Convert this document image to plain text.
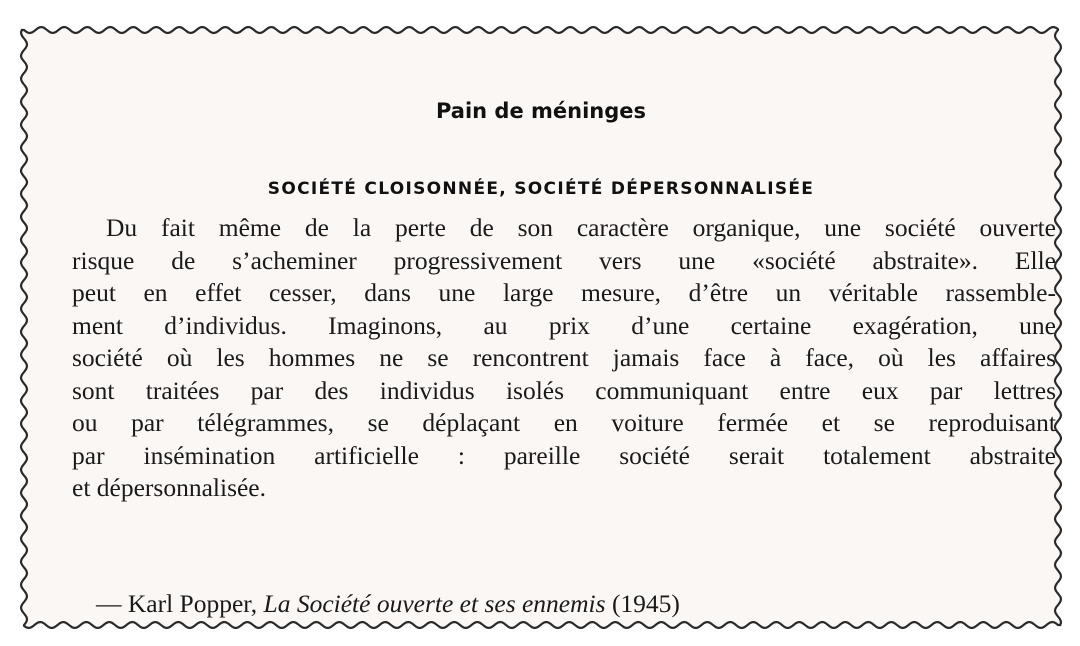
Pain de méninges
SOCIÉTÉ CLOISONNÉE, SOCIÉTÉ DÉPERSONNALISÉE
Du fait même de la perte de son caractère organique, une société ouverte
risque de s’acheminer progressivement vers une «société abstraite». Elle
peut en effet cesser, dans une large mesure, d’être un véritable rassemble-
ment d’individus. Imaginons, au prix d’une certaine exagération, une
société où les hommes ne se rencontrent jamais face à face, où les affaires
sont traitées par des individus isolés communiquant entre eux par lettres
ou par télégrammes, se déplaçant en voiture fermée et se reproduisant
par insémination artificielle : pareille société serait totalement abstraite
et dépersonnalisée.
— Karl Popper, La Société ouverte et ses ennemis (1945)
